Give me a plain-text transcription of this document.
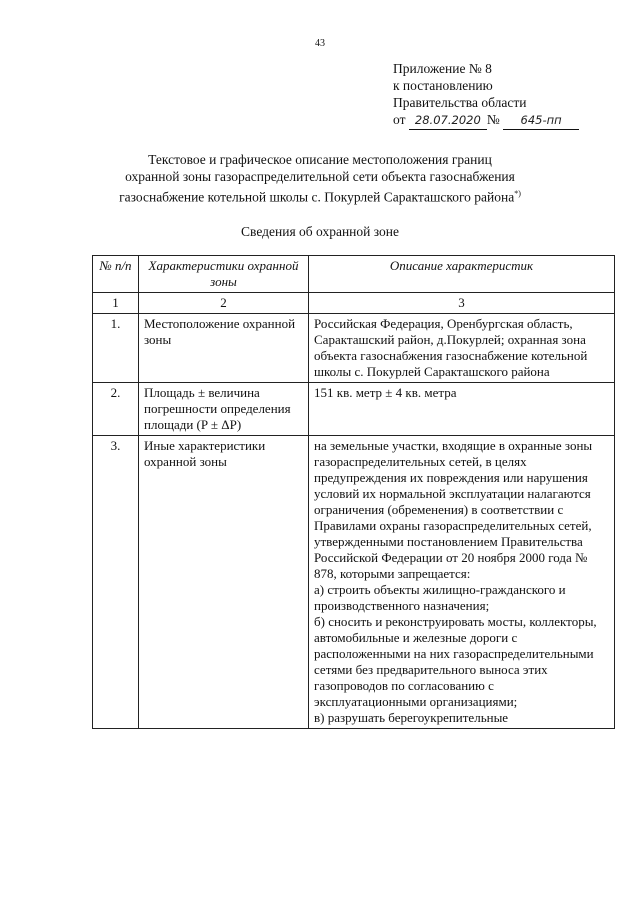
43
Приложение № 8
к постановлению
Правительства области
от 28.07.2020 № 645-пп
Текстовое и графическое описание местоположения границ
охранной зоны газораспределительной сети объекта газоснабжения
газоснабжение котельной школы с. Покурлей Саракташского района*)
Сведения об охранной зоне
№ п/п	Характеристики охранной зоны	Описание характеристик
1	2	3
1.	Местоположение охранной зоны	Российская Федерация, Оренбургская область, Саракташский район, д.Покурлей; охранная зона объекта газоснабжения газоснабжение котельной школы с. Покурлей Саракташского района
2.	Площадь ± величина погрешности определения площади (P ± ΔP)	151 кв. метр ± 4 кв. метра
3.	Иные характеристики охранной зоны	на земельные участки, входящие в охранные зоны газораспределительных сетей, в целях предупреждения их повреждения или нарушения условий их нормальной эксплуатации налагаются ограничения (обременения) в соответствии с Правилами охраны газораспределительных сетей, утвержденными постановлением Правительства Российской Федерации от 20 ноября 2000 года № 878, которыми запрещается:
а) строить объекты жилищно-гражданского и производственного назначения;
б) сносить и реконструировать мосты, коллекторы, автомобильные и железные дороги с расположенными на них газораспределительными сетями без предварительного выноса этих газопроводов по согласованию с эксплуатационными организациями;
в) разрушать берегоукрепительные
